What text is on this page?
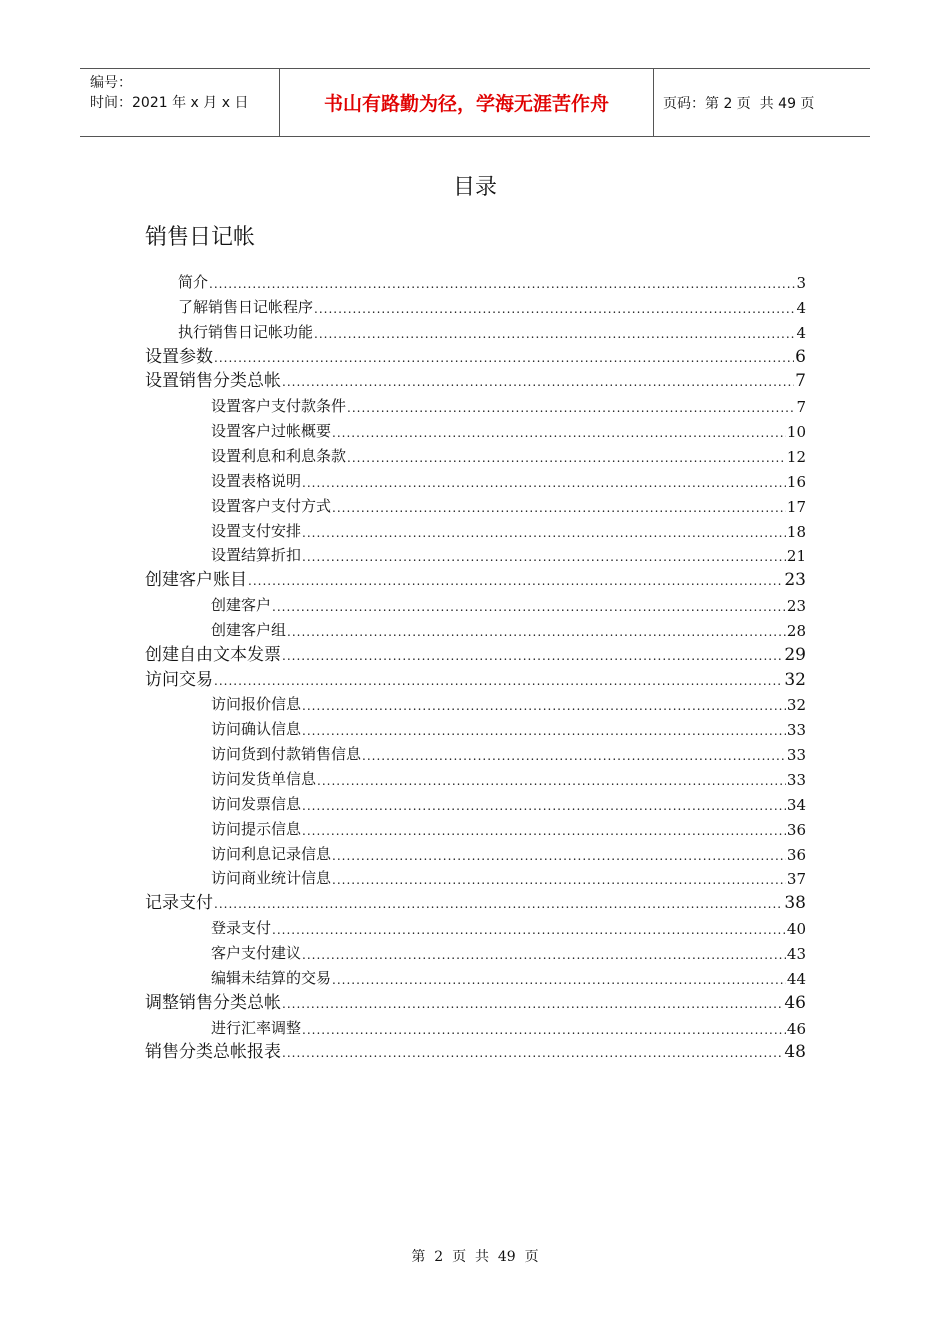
编号：
时间：2021 年 x 月 x 日	书山有路勤为径，学海无涯苦作舟	页码：第 2 页  共 49 页
目录
销售日记帐
简介 .....	3
了解销售日记帐程序 .....	4
执行销售日记帐功能 .....	4
设置参数 .....	6
设置销售分类总帐 .....	7
设置客户支付款条件 .....	7
设置客户过帐概要 .....	10
设置利息和利息条款 .....	12
设置表格说明 .....	16
设置客户支付方式 .....	17
设置支付安排 .....	18
设置结算折扣 .....	21
创建客户账目 .....	23
创建客户 .....	23
创建客户组 .....	28
创建自由文本发票 .....	29
访问交易 .....	32
访问报价信息 .....	32
访问确认信息 .....	33
访问货到付款销售信息 .....	33
访问发货单信息 .....	33
访问发票信息 .....	34
访问提示信息 .....	36
访问利息记录信息 .....	36
访问商业统计信息 .....	37
记录支付 .....	38
登录支付 .....	40
客户支付建议 .....	43
编辑未结算的交易 .....	44
调整销售分类总帐 .....	46
进行汇率调整 .....	46
销售分类总帐报表 .....	48
第  2  页  共  49  页
